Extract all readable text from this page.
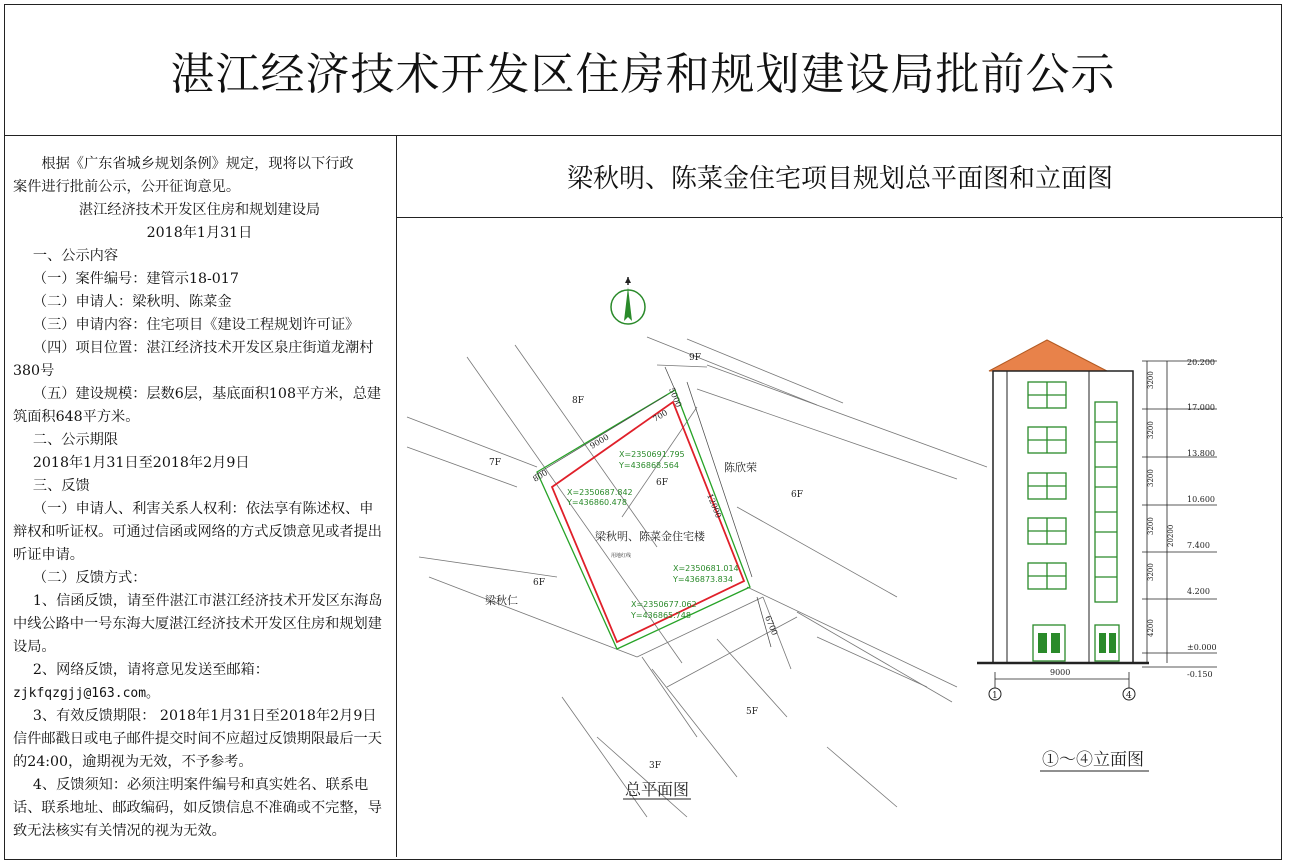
湛江经济技术开发区住房和规划建设局批前公示

根据《广东省城乡规划条例》规定，现将以下行政

案件进行批前公示，公开征询意见。

湛江经济技术开发区住房和规划建设局

2018年1月31日

一、公示内容

（一）案件编号：建管示18-017

（二）申请人：梁秋明、陈菜金

（三）申请内容：住宅项目《建设工程规划许可证》

（四）项目位置：湛江经济技术开发区泉庄街道龙潮村

380号

（五）建设规模：层数6层，基底面积108平方米，总建

筑面积648平方米。

二、公示期限

2018年1月31日至2018年2月9日

三、反馈

（一）申请人、利害关系人权利：依法享有陈述权、申

辩权和听证权。可通过信函或网络的方式反馈意见或者提出

听证申请。

（二）反馈方式：

1、信函反馈，请至件湛江市湛江经济技术开发区东海岛

中线公路中一号东海大厦湛江经济技术开发区住房和规划建

设局。

2、网络反馈，请将意见发送至邮箱：

zjkfqzgjj@163.com。

3、有效反馈期限： 2018年1月31日至2018年2月9日

信件邮戳日或电子邮件提交时间不应超过反馈期限最后一天

的24:00，逾期视为无效，不予参考。

4、反馈须知：必须注明案件编号和真实姓名、联系电

话、联系地址、邮政编码，如反馈信息不准确或不完整，导

致无法核实有关情况的视为无效。

梁秋明、陈菜金住宅项目规划总平面图和立面图
9000
700
800
12000
6700
5000
X=2350691.795
Y=436868.564
X=2350687.842
Y=436860.478
X=2350681.014
Y=436873.834
X=2350677.062
Y=436865.748
9F
8F
7F
6F
6F
6F
5F
3F
陈欣荣
梁秋仁
梁秋明、陈菜金住宅楼
用地红线
总平面图
9000
1	4
20.200
17.000
13.800
10.600
7.400
4.200
±0.000
-0.150
3200
3200
3200
3200
3200
4200
20200
①～④立面图
